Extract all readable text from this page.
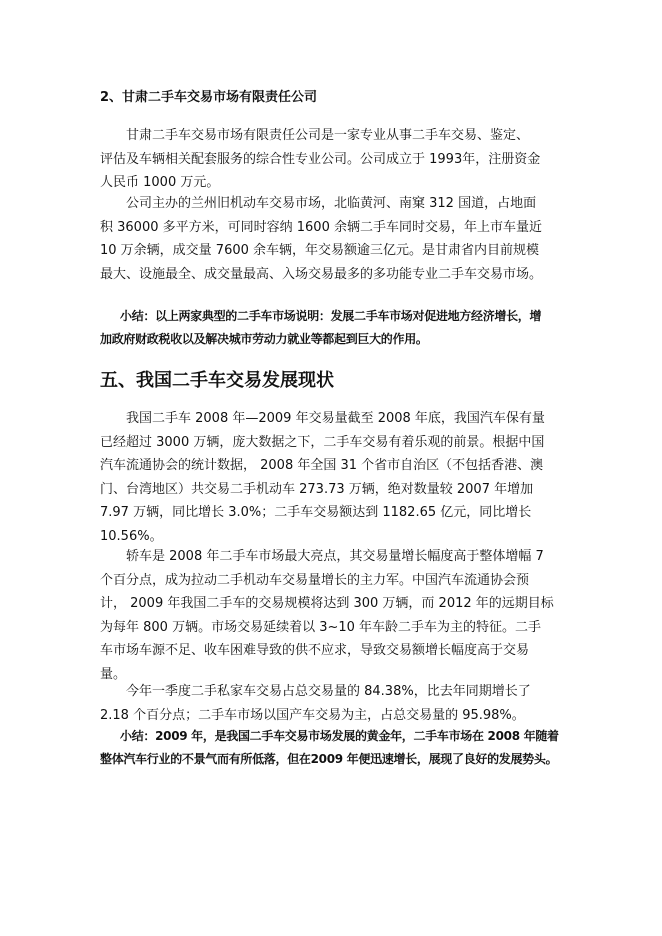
2、甘肃二手车交易市场有限责任公司
甘肃二手车交易市场有限责任公司是一家专业从事二手车交易、鉴定、
评估及车辆相关配套服务的综合性专业公司。公司成立于 1993年，注册资金
人民币 1000 万元。
公司主办的兰州旧机动车交易市场，北临黄河、南窠 312 国道，占地面
积 36000 多平方米，可同时容纳 1600 余辆二手车同时交易，年上市车量近
10 万余辆，成交量 7600 余车辆，年交易额逾三亿元。是甘肃省内目前规模
最大、设施最全、成交量最高、入场交易最多的多功能专业二手车交易市场。
小结：以上两家典型的二手车市场说明：发展二手车市场对促进地方经济增长，增
加政府财政税收以及解决城市劳动力就业等都起到巨大的作用。
五、我国二手车交易发展现状
我国二手车 2008 年—2009 年交易量截至 2008 年底，我国汽车保有量
已经超过 3000 万辆，庞大数据之下，二手车交易有着乐观的前景。根据中国
汽车流通协会的统计数据， 2008 年全国 31 个省市自治区（不包括香港、澳
门、台湾地区）共交易二手机动车 273.73 万辆，绝对数量较 2007 年增加
7.97 万辆，同比增长 3.0%；二手车交易额达到 1182.65 亿元，同比增长
10.56%。
轿车是 2008 年二手车市场最大亮点，其交易量增长幅度高于整体增幅 7
个百分点，成为拉动二手机动车交易量增长的主力军。中国汽车流通协会预
计， 2009 年我国二手车的交易规模将达到 300 万辆，而 2012 年的远期目标
为每年 800 万辆。市场交易延续着以 3~10 年车龄二手车为主的特征。二手
车市场车源不足、收车困难导致的供不应求，导致交易额增长幅度高于交易
量。
今年一季度二手私家车交易占总交易量的 84.38%，比去年同期增长了
2.18 个百分点；二手车市场以国产车交易为主，占总交易量的 95.98%。
小结：2009 年，是我国二手车交易市场发展的黄金年，二手车市场在 2008 年随着
整体汽车行业的不景气而有所低落，但在2009 年便迅速增长，展现了良好的发展势头。
